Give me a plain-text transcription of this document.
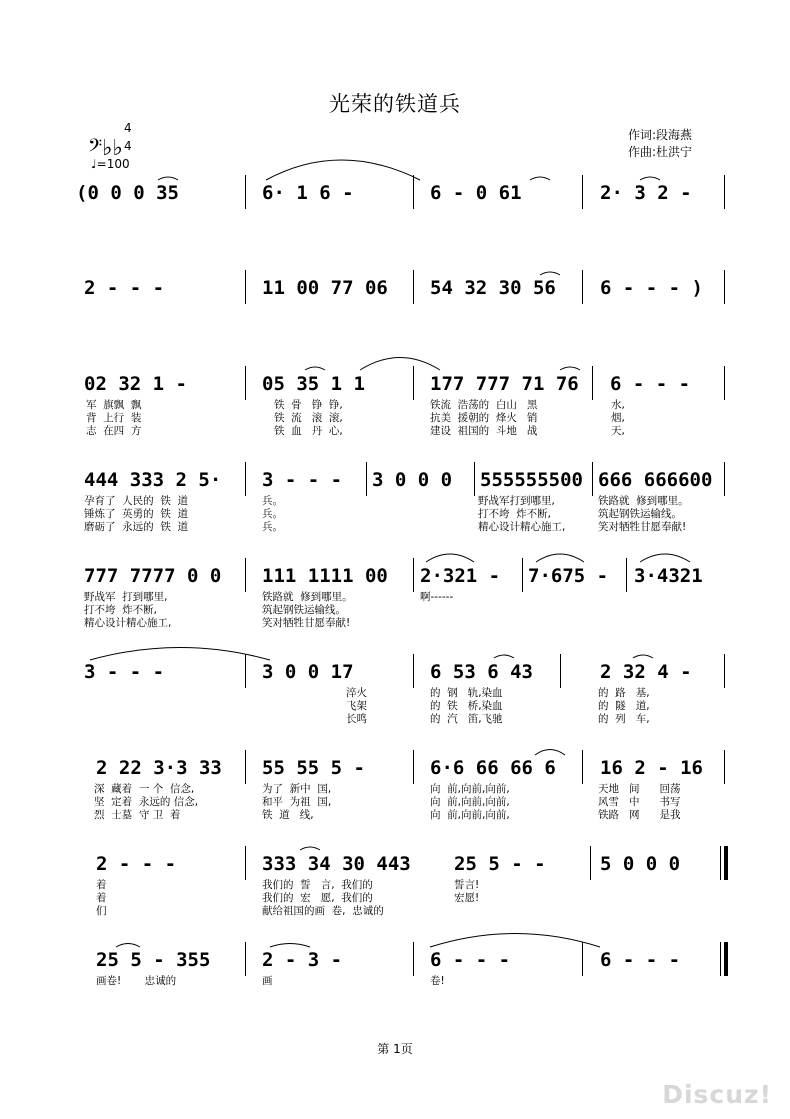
光荣的铁道兵
作词:段海燕
作曲:杜洪宁
𝄢♭♭
4
4
♩=100
(0 0 0 35	6· 1 6 -	6 - 0 61	2· 3 2 -
2 - - -	11 00 77 06 54 32 30 56 6 - - - )
02 32 1 -	05 35 1 1	177 777 71 76 6 - - -
军  旗飘  飘	铁  骨   铮  铮,	铁流  浩荡的  白山   黑	水,
背  上行  装	铁  流   滚  滚,	抗美  援朝的  烽火   销	烟,
志  在四  方	铁  血   丹  心,	建设  祖国的  斗地   战	天,
444 333 2 5· 3 - - - 3 0 0 0 555555500 666 666600
孕育了  人民的  铁  道	兵。	野战军打到哪里,	铁路就  修到哪里。
锤炼了  英勇的  铁  道	兵。	打不垮  炸不断,	筑起钢铁运输线。
磨砺了  永远的  铁  道	兵。	精心设计精心施工,	笑对牺牲甘愿奉献!
777 7777 0 0 111 1111 00 2·321 - 7·675 - 3·4321
野战军  打到哪里,	铁路就  修到哪里。	啊------
打不垮  炸不断,	筑起钢铁运输线。
精心设计精心施工,	笑对牺牲甘愿奉献!
3 - - -	3 0 0 17	6 53 6 43	2 32 4 -
淬火	的  钢   轨,染血	的  路   基,
飞架	的  铁   桥,染血	的  隧   道,
长鸣	的  汽   笛,飞驰	的  列   车,
2 22 3·3 33 55 55 5 -	6·6 66 66 6 16 2 - 16
深  藏着  一 个  信念,	为了  新中  国,	向  前,向前,向前,	天地   间      回荡
坚  定着  永远的 信念,	和平  为祖  国,	向  前,向前,向前,	风雪   中      书写
烈  士墓  守 卫  着	铁  道   线,	向  前,向前,向前,	铁路   网      是我
2 - - -	333 34 30 443 25 5 - -	5 0 0 0
着	我们的  誓   言,  我们的	誓言!
着	我们的  宏   愿,  我们的	宏愿!
们	献给祖国的画  卷,  忠诚的
25 5 - 355	2 - 3 -	6 - - -	6 - - -
画卷!       忠诚的	画	卷!
第 1页
Discuz!
